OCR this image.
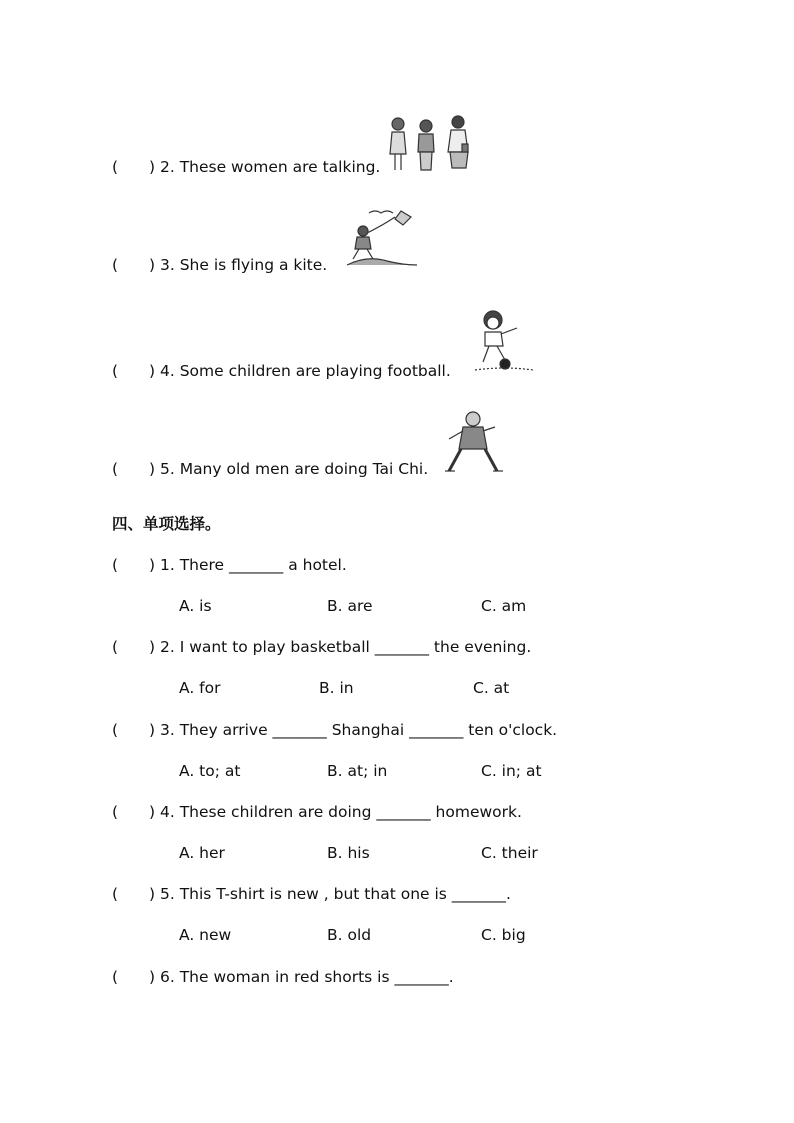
( ) 2. These women are talking.
( ) 3. She is flying a kite.
( ) 4. Some children are playing football.
( ) 5. Many old men are doing Tai Chi.
四、单项选择。
( ) 1. There _______ a hotel.
A. is	B. are	C. am
( ) 2. I want to play basketball _______ the evening.
A. for	B. in	C. at
( ) 3. They arrive _______ Shanghai _______ ten o'clock.
A. to; at	B. at; in	C. in; at
( ) 4. These children are doing _______ homework.
A. her	B. his	C. their
( ) 5. This T-shirt is new , but that one is _______.
A. new	B. old	C. big
( ) 6. The woman in red shorts is _______.
